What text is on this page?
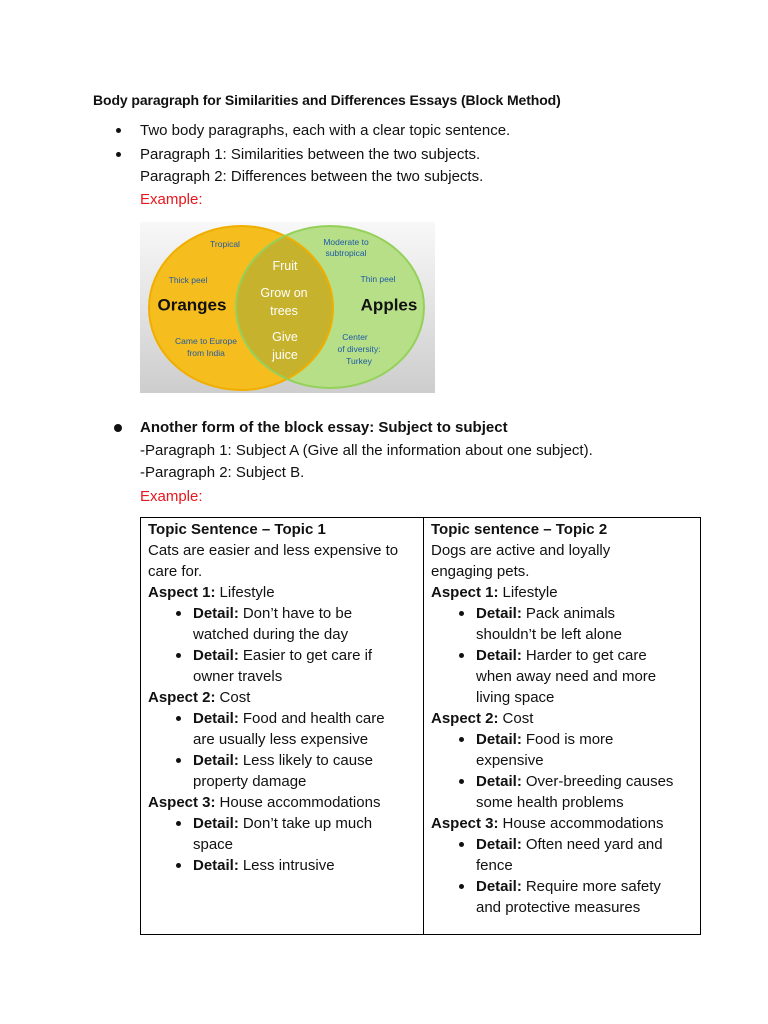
Body paragraph for Similarities and Differences Essays (Block Method)
Two body paragraphs, each with a clear topic sentence.
Paragraph 1: Similarities between the two subjects.
Paragraph 2: Differences between the two subjects.
Example:
Tropical
Thick peel
Oranges
Came to Europe
from India
Fruit
Grow on
trees
Give
juice
Moderate to
subtropical
Thin peel
Apples
Center
of diversity:
Turkey
Another form of the block essay: Subject to subject
-Paragraph 1: Subject A (Give all the information about one subject).
-Paragraph 2: Subject B.
Example:
Topic Sentence – Topic 1
Cats are easier and less expensive to
care for.
Aspect 1: Lifestyle
Detail: Don’t have to be
watched during the day
Detail: Easier to get care if
owner travels
Aspect 2: Cost
Detail: Food and health care
are usually less expensive
Detail: Less likely to cause
property damage
Aspect 3: House accommodations
Detail: Don’t take up much
space
Detail: Less intrusive
Topic sentence – Topic 2
Dogs are active and loyally
engaging pets.
Aspect 1: Lifestyle
Detail: Pack animals
shouldn’t be left alone
Detail: Harder to get care
when away need and more
living space
Aspect 2: Cost
Detail: Food is more
expensive
Detail: Over-breeding causes
some health problems
Aspect 3: House accommodations
Detail: Often need yard and
fence
Detail: Require more safety
and protective measures
